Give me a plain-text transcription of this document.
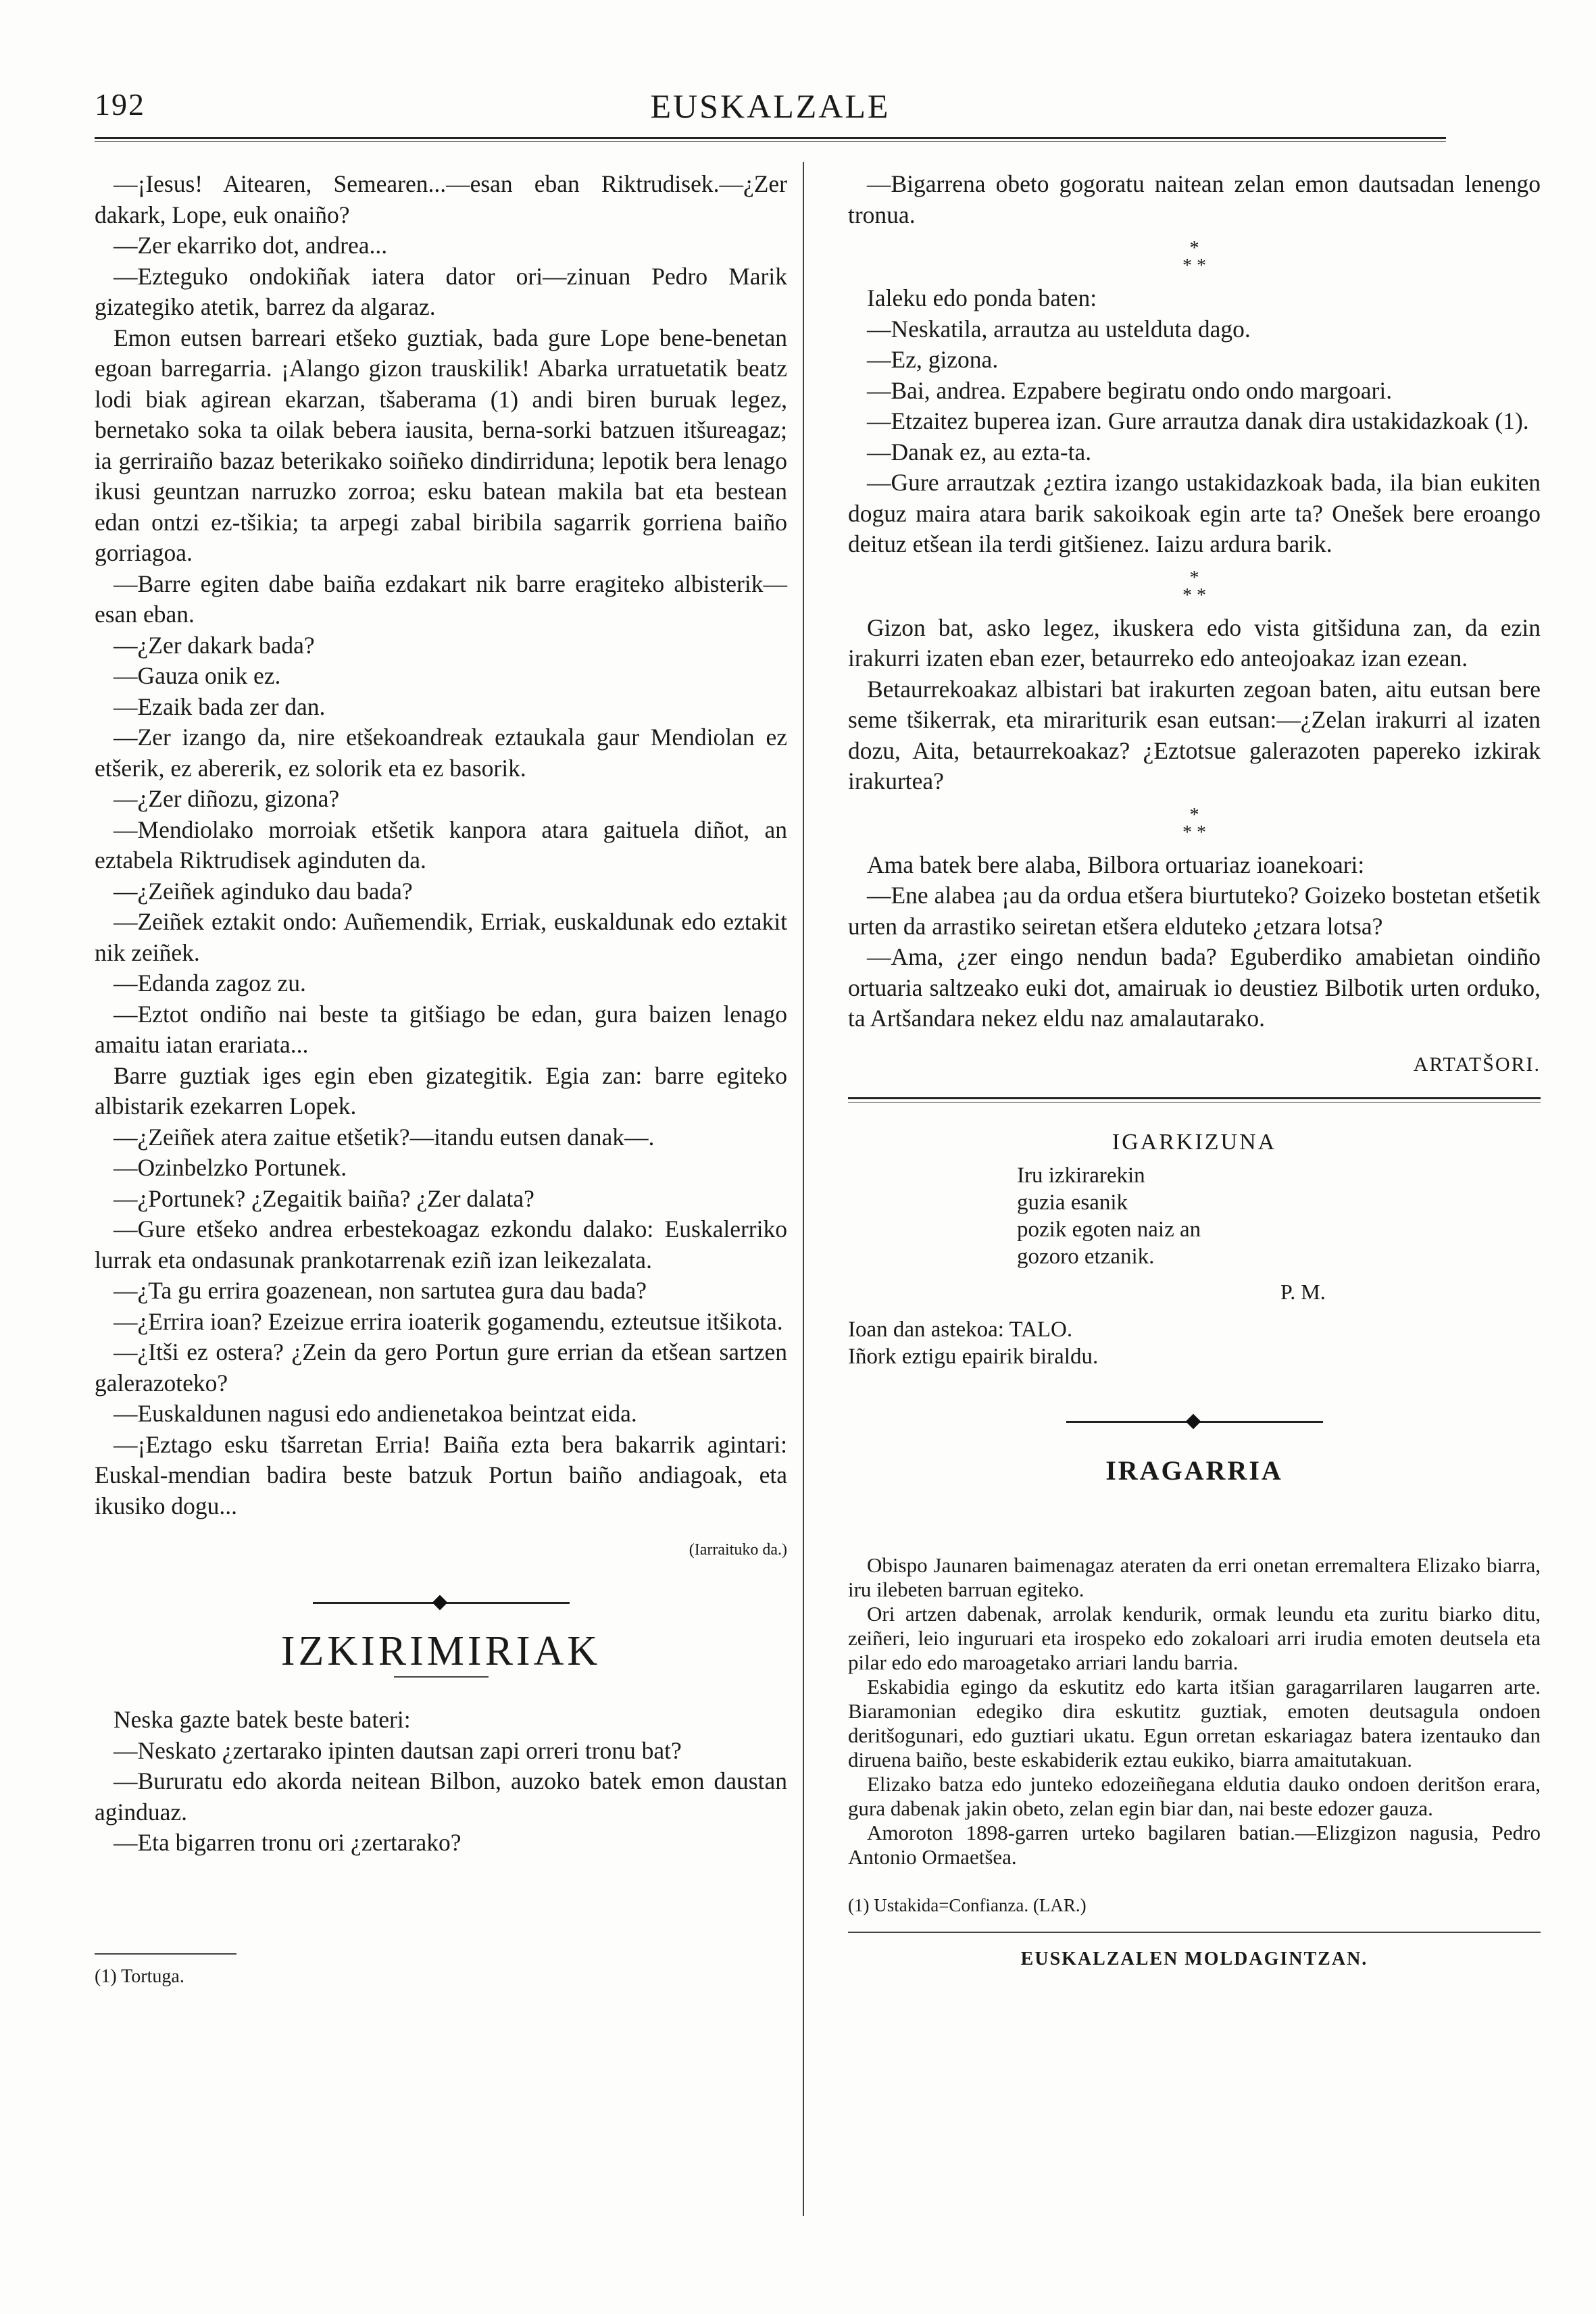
192	EUSKALZALE

—¡Iesus! Aitearen, Semearen...—esan eban Riktrudisek.—¿Zer dakark, Lope, euk onaiño?

—Zer ekarriko dot, andrea...

—Ezteguko ondokiñak iatera dator ori—zinuan Pedro Marik gizategiko atetik, barrez da algaraz.

Emon eutsen barreari etšeko guztiak, bada gure Lope bene-benetan egoan barregarria. ¡Alango gizon trauskilik! Abarka urratuetatik beatz lodi biak agirean ekarzan, tšaberama (1) andi biren buruak legez, bernetako soka ta oilak bebera iausita, berna-sorki batzuen itšureagaz; ia gerriraiño bazaz beterikako soiñeko dindirriduna; lepotik bera lenago ikusi geuntzan narruzko zorroa; esku batean makila bat eta bestean edan ontzi ez-tšikia; ta arpegi zabal biribila sagarrik gorriena baiño gorriagoa.

—Barre egiten dabe baiña ezdakart nik barre eragiteko albisterik—esan eban.

—¿Zer dakark bada?

—Gauza onik ez.

—Ezaik bada zer dan.

—Zer izango da, nire etšekoandreak eztaukala gaur Mendiolan ez etšerik, ez abererik, ez solorik eta ez basorik.

—¿Zer diñozu, gizona?

—Mendiolako morroiak etšetik kanpora atara gaituela diñot, an eztabela Riktrudisek aginduten da.

—¿Zeiñek aginduko dau bada?

—Zeiñek eztakit ondo: Auñemendik, Erriak, euskaldunak edo eztakit nik zeiñek.

—Edanda zagoz zu.

—Eztot ondiño nai beste ta gitšiago be edan, gura baizen lenago amaitu iatan erariata...

Barre guztiak iges egin eben gizategitik. Egia zan: barre egiteko albistarik ezekarren Lopek.

—¿Zeiñek atera zaitue etšetik?—itandu eutsen danak—.

—Ozinbelzko Portunek.

—¿Portunek? ¿Zegaitik baiña? ¿Zer dalata?

—Gure etšeko andrea erbestekoagaz ezkondu dalako: Euskalerriko lurrak eta ondasunak prankotarrenak eziñ izan leikezalata.

—¿Ta gu errira goazenean, non sartutea gura dau bada?

—¿Errira ioan? Ezeizue errira ioaterik gogamendu, ezteutsue itšikota.

—¿Itši ez ostera? ¿Zein da gero Portun gure errian da etšean sartzen galerazoteko?

—Euskaldunen nagusi edo andienetakoa beintzat eida.

—¡Eztago esku tšarretan Erria! Baiña ezta bera bakarrik agintari: Euskal-mendian badira beste batzuk Portun baiño andiagoak, eta ikusiko dogu...

(Iarraituko da.)
IZKIRIMIRIAK

Neska gazte batek beste bateri:

—Neskato ¿zertarako ipinten dautsan zapi orreri tronu bat?

—Bururatu edo akorda neitean Bilbon, auzoko batek emon daustan aginduaz.

—Eta bigarren tronu ori ¿zertarako?

(1) Tortuga.

—Bigarrena obeto gogoratu naitean zelan emon dautsadan lenengo tronua.

*
* *

Ialeku edo ponda baten:

—Neskatila, arrautza au ustelduta dago.

—Ez, gizona.

—Bai, andrea. Ezpabere begiratu ondo ondo margoari.

—Etzaitez buperea izan. Gure arrautza danak dira ustakidazkoak (1).

—Danak ez, au ezta-ta.

—Gure arrautzak ¿eztira izango ustakidazkoak bada, ila bian eukiten doguz maira atara barik sakoikoak egin arte ta? Onešek bere eroango deituz etšean ila terdi gitšienez. Iaizu ardura barik.

*
* *

Gizon bat, asko legez, ikuskera edo vista gitšiduna zan, da ezin irakurri izaten eban ezer, betaurreko edo anteojoakaz izan ezean.

Betaurrekoakaz albistari bat irakurten zegoan baten, aitu eutsan bere seme tšikerrak, eta mirariturik esan eutsan:—¿Zelan irakurri al izaten dozu, Aita, betaurrekoakaz? ¿Eztotsue galerazoten papereko izkirak irakurtea?

*
* *

Ama batek bere alaba, Bilbora ortuariaz ioanekoari:

—Ene alabea ¡au da ordua etšera biurtuteko? Goizeko bostetan etšetik urten da arrastiko seiretan etšera elduteko ¿etzara lotsa?

—Ama, ¿zer eingo nendun bada? Eguberdiko amabietan oindiño ortuaria saltzeako euki dot, amairuak io deustiez Bilbotik urten orduko, ta Artšandara nekez eldu naz amalautarako.

ARTATŠORI.
IGARKIZUNA
Iru izkirarekin
guzia esanik
pozik egoten naiz an
gozoro etzanik.
P. M.
Ioan dan astekoa: TALO.
Iñork eztigu epairik biraldu.
IRAGARRIA

Obispo Jaunaren baimenagaz ateraten da erri onetan erremaltera Elizako biarra, iru ilebeten barruan egiteko.

Ori artzen dabenak, arrolak kendurik, ormak leundu eta zuritu biarko ditu, zeiñeri, leio inguruari eta irospeko edo zokaloari arri irudia emoten deutsela eta pilar edo edo maroagetako arriari landu barria.

Eskabidia egingo da eskutitz edo karta itšian garagarrilaren laugarren arte. Biaramonian edegiko dira eskutitz guztiak, emoten deutsagula ondoen deritšogunari, edo guztiari ukatu. Egun orretan eskariagaz batera izentauko dan diruena baiño, beste eskabiderik eztau eukiko, biarra amaitutakuan.

Elizako batza edo junteko edozeiñegana eldutia dauko ondoen deritšon erara, gura dabenak jakin obeto, zelan egin biar dan, nai beste edozer gauza.

Amoroton 1898-garren urteko bagilaren batian.—Elizgizon nagusia, Pedro Antonio Ormaetšea.

(1) Ustakida=Confianza. (LAR.)
EUSKALZALEN MOLDAGINTZAN.
